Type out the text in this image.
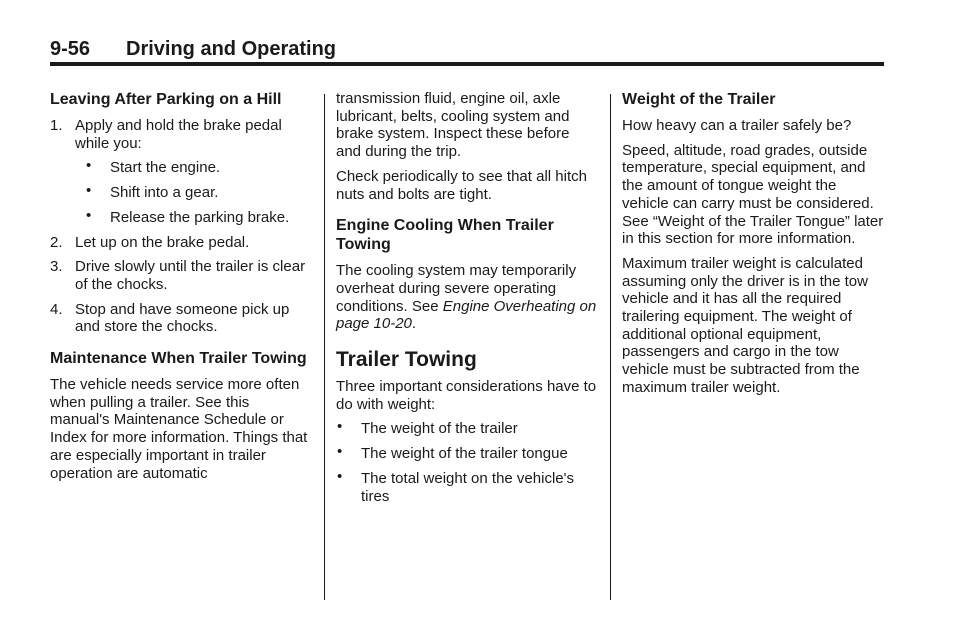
9-56 Driving and Operating
Leaving After Parking on a Hill
1. Apply and hold the brake pedal while you:
• Start the engine.
• Shift into a gear.
• Release the parking brake.
2. Let up on the brake pedal.
3. Drive slowly until the trailer is clear of the chocks.
4. Stop and have someone pick up and store the chocks.
Maintenance When Trailer Towing

The vehicle needs service more often when pulling a trailer. See this manual's Maintenance Schedule or Index for more information. Things that are especially important in trailer operation are automatic

transmission fluid, engine oil, axle lubricant, belts, cooling system and brake system. Inspect these before and during the trip.

Check periodically to see that all hitch nuts and bolts are tight.

Engine Cooling When Trailer Towing

The cooling system may temporarily overheat during severe operating conditions. See Engine Overheating on page 10-20.

Trailer Towing

Three important considerations have to do with weight:

• The weight of the trailer
• The weight of the trailer tongue
• The total weight on the vehicle's tires
Weight of the Trailer

How heavy can a trailer safely be?

Speed, altitude, road grades, outside temperature, special equipment, and the amount of tongue weight the vehicle can carry must be considered. See “Weight of the Trailer Tongue” later in this section for more information.

Maximum trailer weight is calculated assuming only the driver is in the tow vehicle and it has all the required trailering equipment. The weight of additional optional equipment, passengers and cargo in the tow vehicle must be subtracted from the maximum trailer weight.
